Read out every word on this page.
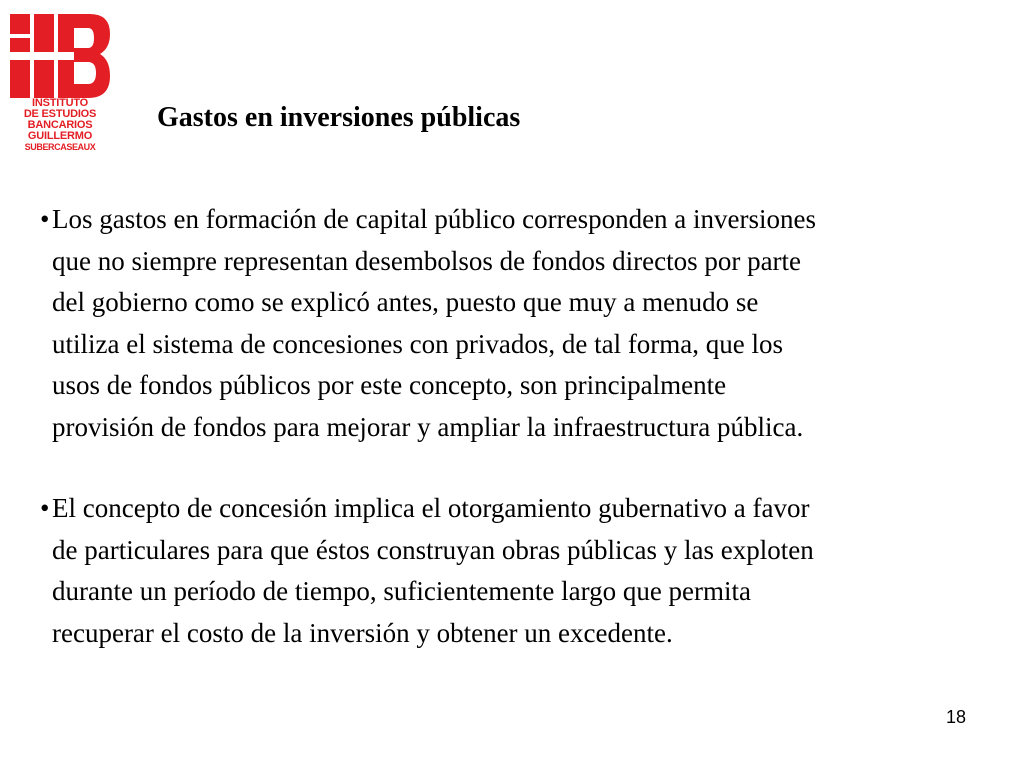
INSTITUTO
DE ESTUDIOS
BANCARIOS
GUILLERMO
SUBERCASEAUX
Gastos en inversiones públicas
• Los gastos en formación de capital público corresponden a inversiones
que no siempre representan desembolsos de fondos directos por parte
del gobierno como se explicó antes, puesto que muy a menudo se
utiliza el sistema de concesiones con privados, de tal forma, que los
usos de fondos públicos por este concepto, son principalmente
provisión de fondos para mejorar y ampliar la infraestructura pública.
• El concepto de concesión implica el otorgamiento gubernativo a favor
de particulares para que éstos construyan obras públicas y las exploten
durante un período de tiempo, suficientemente largo que permita
recuperar el costo de la inversión y obtener un excedente.
18
